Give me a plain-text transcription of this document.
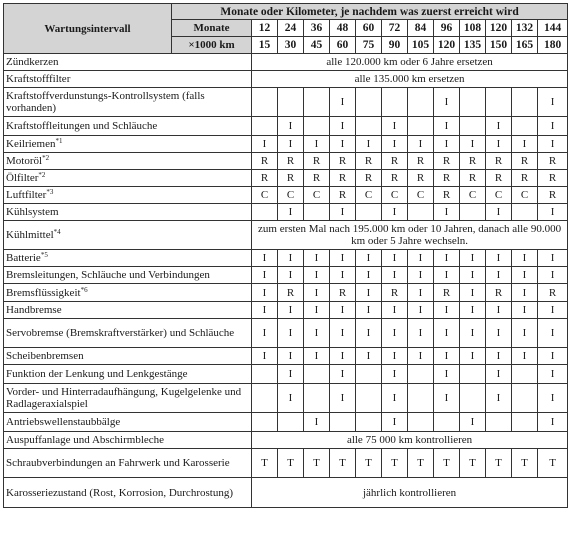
Wartungsintervall	Monate oder Kilometer, je nachdem was zuerst erreicht wird												
	Monate	12	24	36	48	60	72	84	96	108	120	132	144
	×1000 km	15	30	45	60	75	90	105	120	135	150	165	180
Zündkerzen		alle 120.000 km oder 6 Jahre ersetzen											
Kraftstofffilter		alle 135.000 km ersetzen											
Kraftstoffverdunstungs-Kontrollsystem (falls vorhanden)					I				I				I
Kraftstoffleitungen und Schläuche			I		I		I		I		I		I
Keilriemen$^{*1}$		I	I	I	I	I	I	I	I	I	I	I	I
Motoröl$^{*2}$		R	R	R	R	R	R	R	R	R	R	R	R
Ölfilter$^{*2}$		R	R	R	R	R	R	R	R	R	R	R	R
Luftfilter$^{*3}$		C	C	C	R	C	C	C	R	C	C	C	R
Kühlsystem			I		I		I		I		I		I
Kühlmittel$^{*4}$		zum ersten Mal nach 195.000 km oder 10 Jahren, danach alle 90.000 km oder 5 Jahre wechseln.											
Batterie$^{*5}$		I	I	I	I	I	I	I	I	I	I	I	I
Bremsleitungen, Schläuche und Verbindungen		I	I	I	I	I	I	I	I	I	I	I	I
Bremsflüssigkeit$^{*6}$		I	R	I	R	I	R	I	R	I	R	I	R
Handbremse		I	I	I	I	I	I	I	I	I	I	I	I
Servobremse (Bremskraftverstärker) und Schläuche		I	I	I	I	I	I	I	I	I	I	I	I
Scheibenbremsen		I	I	I	I	I	I	I	I	I	I	I	I
Funktion der Lenkung und Lenkgestänge			I		I		I		I		I		I
Vorder- und Hinterradaufhängung, Kugelgelenke und Radlageraxialspiel			I		I		I		I		I		I
Antriebswellenstaubbälge				I			I			I			I
Auspuffanlage und Abschirmbleche		alle 75 000 km kontrollieren											
Schraubverbindungen an Fahrwerk und Karosserie		T	T	T	T	T	T	T	T	T	T	T	T
Karosseriezustand (Rost, Korrosion, Durchrostung)		jährlich kontrollieren											
